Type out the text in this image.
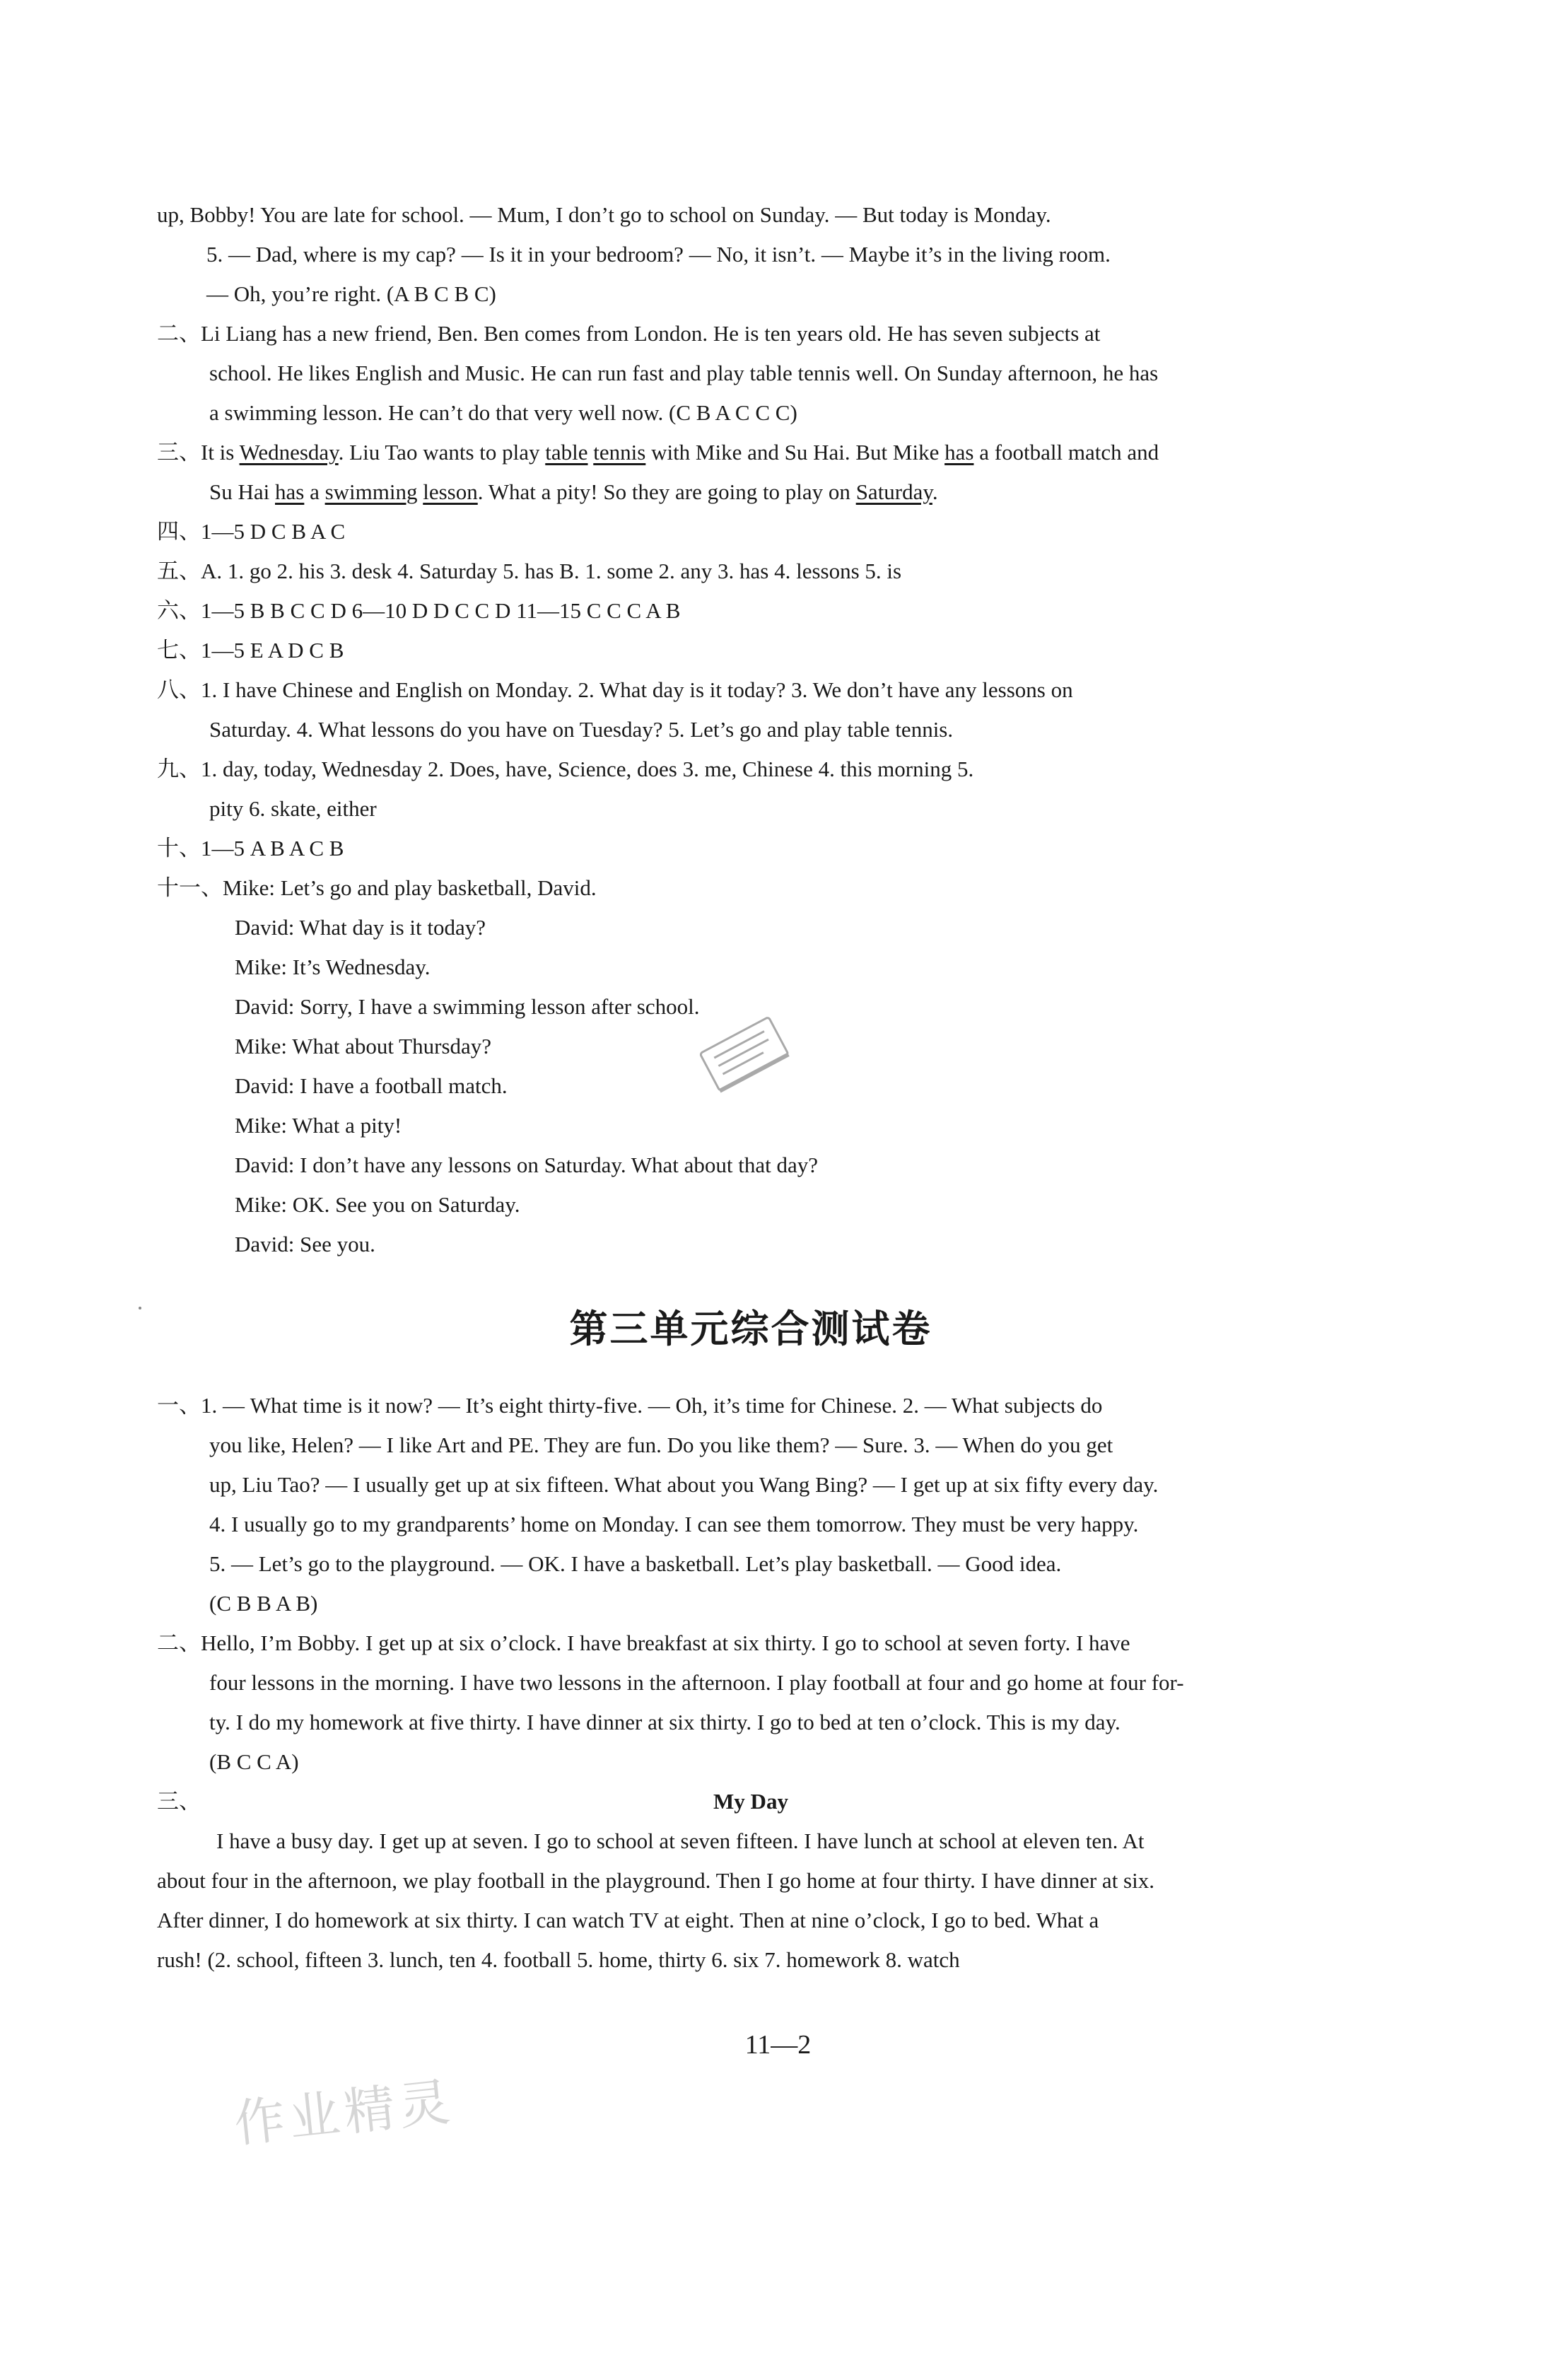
up, Bobby! You are late for school. — Mum, I don’t go to school on Sunday. — But today is Monday.
5. — Dad, where is my cap? — Is it in your bedroom? — No, it isn’t. — Maybe it’s in the living room.
— Oh, you’re right. (A B C B C)
二、Li Liang has a new friend, Ben. Ben comes from London. He is ten years old. He has seven subjects at
school. He likes English and Music. He can run fast and play table tennis well. On Sunday afternoon, he has
a swimming lesson. He can’t do that very well now. (C B A C C C)
三、It is Wednesday. Liu Tao wants to play table tennis with Mike and Su Hai. But Mike has a football match and
Su Hai has a swimming lesson. What a pity! So they are going to play on Saturday.
四、1—5 D C B A C
五、A. 1. go 2. his 3. desk 4. Saturday 5. has B. 1. some 2. any 3. has 4. lessons 5. is
六、1—5 B B C C D 6—10 D D C C D 11—15 C C C A B
七、1—5 E A D C B
八、1. I have Chinese and English on Monday. 2. What day is it today? 3. We don’t have any lessons on
Saturday. 4. What lessons do you have on Tuesday? 5. Let’s go and play table tennis.
九、1. day, today, Wednesday 2. Does, have, Science, does 3. me, Chinese 4. this morning 5.
pity 6. skate, either
十、1—5 A B A C B
十一、Mike: Let’s go and play basketball, David.
David: What day is it today?
Mike: It’s Wednesday.
David: Sorry, I have a swimming lesson after school.
Mike: What about Thursday?
David: I have a football match.
Mike: What a pity!
David: I don’t have any lessons on Saturday. What about that day?
Mike: OK. See you on Saturday.
David: See you.
第三单元综合测试卷
一、1. — What time is it now? — It’s eight thirty-five. — Oh, it’s time for Chinese. 2. — What subjects do
you like, Helen? — I like Art and PE. They are fun. Do you like them? — Sure. 3. — When do you get
up, Liu Tao? — I usually get up at six fifteen. What about you Wang Bing? — I get up at six fifty every day.
4. I usually go to my grandparents’ home on Monday. I can see them tomorrow. They must be very happy.
5. — Let’s go to the playground. — OK. I have a basketball. Let’s play basketball. — Good idea.
(C B B A B)
二、Hello, I’m Bobby. I get up at six o’clock. I have breakfast at six thirty. I go to school at seven forty. I have
four lessons in the morning. I have two lessons in the afternoon. I play football at four and go home at four for-
ty. I do my homework at five thirty. I have dinner at six thirty. I go to bed at ten o’clock. This is my day.
(B C C A)
三、	My Day
I have a busy day. I get up at seven. I go to school at seven fifteen. I have lunch at school at eleven ten. At
about four in the afternoon, we play football in the playground. Then I go home at four thirty. I have dinner at six.
After dinner, I do homework at six thirty. I can watch TV at eight. Then at nine o’clock, I go to bed. What a
rush! (2. school, fifteen 3. lunch, ten 4. football 5. home, thirty 6. six 7. homework 8. watch
11—2
作业精灵
